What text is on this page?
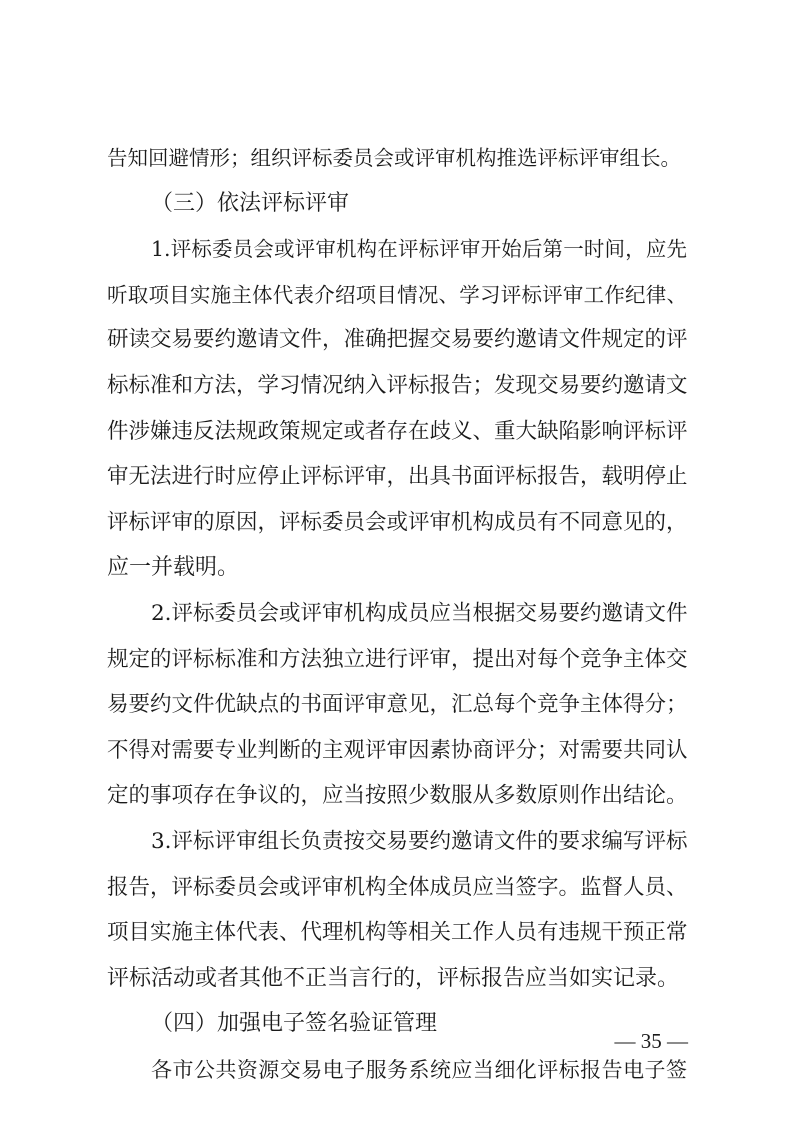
告知回避情形；组织评标委员会或评审机构推选评标评审组长。
（三）依法评标评审
1.评标委员会或评审机构在评标评审开始后第一时间，应先
听取项目实施主体代表介绍项目情况、学习评标评审工作纪律、
研读交易要约邀请文件，准确把握交易要约邀请文件规定的评
标标准和方法，学习情况纳入评标报告；发现交易要约邀请文
件涉嫌违反法规政策规定或者存在歧义、重大缺陷影响评标评
审无法进行时应停止评标评审，出具书面评标报告，载明停止
评标评审的原因，评标委员会或评审机构成员有不同意见的，
应一并载明。
2.评标委员会或评审机构成员应当根据交易要约邀请文件
规定的评标标准和方法独立进行评审，提出对每个竞争主体交
易要约文件优缺点的书面评审意见，汇总每个竞争主体得分；
不得对需要专业判断的主观评审因素协商评分；对需要共同认
定的事项存在争议的，应当按照少数服从多数原则作出结论。
3.评标评审组长负责按交易要约邀请文件的要求编写评标
报告，评标委员会或评审机构全体成员应当签字。监督人员、
项目实施主体代表、代理机构等相关工作人员有违规干预正常
评标活动或者其他不正当言行的，评标报告应当如实记录。
（四）加强电子签名验证管理
各市公共资源交易电子服务系统应当细化评标报告电子签
— 35 —
